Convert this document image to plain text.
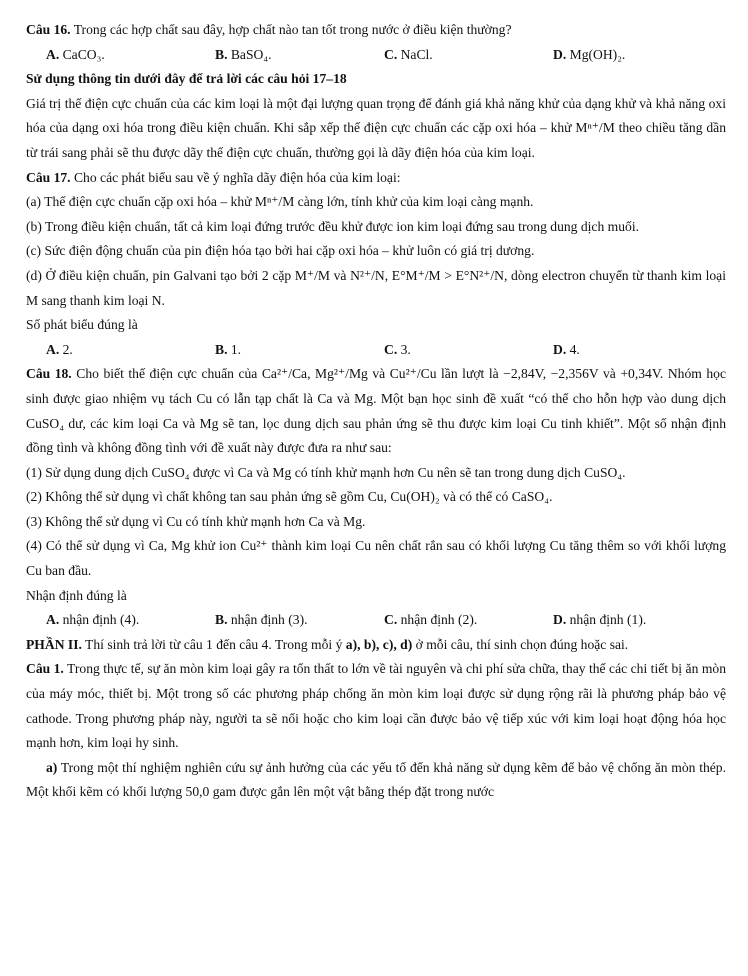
Câu 16. Trong các hợp chất sau đây, hợp chất nào tan tốt trong nước ở điều kiện thường?

A. CaCO₃.	B. BaSO₄.	C. NaCl.	D. Mg(OH)₂.

Sử dụng thông tin dưới đây để trả lời các câu hỏi 17–18

Giá trị thế điện cực chuẩn của các kim loại là một đại lượng quan trọng để đánh giá khả năng khử của dạng khử và khả năng oxi hóa của dạng oxi hóa trong điều kiện chuẩn. Khi sắp xếp thế điện cực chuẩn các cặp oxi hóa – khử Mⁿ⁺/M theo chiều tăng dần từ trái sang phải sẽ thu được dãy thế điện cực chuẩn, thường gọi là dãy điện hóa của kim loại.

Câu 17. Cho các phát biểu sau về ý nghĩa dãy điện hóa của kim loại:

(a) Thế điện cực chuẩn cặp oxi hóa – khử Mⁿ⁺/M càng lớn, tính khử của kim loại càng mạnh.

(b) Trong điều kiện chuẩn, tất cả kim loại đứng trước đều khử được ion kim loại đứng sau trong dung dịch muối.

(c) Sức điện động chuẩn của pin điện hóa tạo bởi hai cặp oxi hóa – khử luôn có giá trị dương.

(d) Ở điều kiện chuẩn, pin Galvani tạo bởi 2 cặp M⁺/M và N²⁺/N, E°M⁺/M > E°N²⁺/N, dòng electron chuyển từ thanh kim loại M sang thanh kim loại N.

Số phát biểu đúng là

A. 2.	B. 1.	C. 3.	D. 4.

Câu 18. Cho biết thế điện cực chuẩn của Ca²⁺/Ca, Mg²⁺/Mg và Cu²⁺/Cu lần lượt là −2,84V, −2,356V và +0,34V. Nhóm học sinh được giao nhiệm vụ tách Cu có lẫn tạp chất là Ca và Mg. Một bạn học sinh đề xuất “có thể cho hỗn hợp vào dung dịch CuSO₄ dư, các kim loại Ca và Mg sẽ tan, lọc dung dịch sau phản ứng sẽ thu được kim loại Cu tinh khiết”. Một số nhận định đồng tình và không đồng tình với đề xuất này được đưa ra như sau:

(1) Sử dụng dung dịch CuSO₄ được vì Ca và Mg có tính khử mạnh hơn Cu nên sẽ tan trong dung dịch CuSO₄.

(2) Không thể sử dụng vì chất không tan sau phản ứng sẽ gồm Cu, Cu(OH)₂ và có thể có CaSO₄.

(3) Không thể sử dụng vì Cu có tính khử mạnh hơn Ca và Mg.

(4) Có thể sử dụng vì Ca, Mg khử ion Cu²⁺ thành kim loại Cu nên chất rắn sau có khối lượng Cu tăng thêm so với khối lượng Cu ban đầu.

Nhận định đúng là

A. nhận định (4).	B. nhận định (3).	C. nhận định (2).	D. nhận định (1).

PHẦN II. Thí sinh trả lời từ câu 1 đến câu 4. Trong mỗi ý a), b), c), d) ở mỗi câu, thí sinh chọn đúng hoặc sai.

Câu 1. Trong thực tế, sự ăn mòn kim loại gây ra tổn thất to lớn về tài nguyên và chi phí sửa chữa, thay thế các chi tiết bị ăn mòn của máy móc, thiết bị. Một trong số các phương pháp chống ăn mòn kim loại được sử dụng rộng rãi là phương pháp bảo vệ cathode. Trong phương pháp này, người ta sẽ nối hoặc cho kim loại cần được bảo vệ tiếp xúc với kim loại hoạt động hóa học mạnh hơn, kim loại hy sinh.

a) Trong một thí nghiệm nghiên cứu sự ảnh hưởng của các yếu tố đến khả năng sử dụng kẽm để bảo vệ chống ăn mòn thép. Một khối kẽm có khối lượng 50,0 gam được gắn lên một vật bằng thép đặt trong nước
